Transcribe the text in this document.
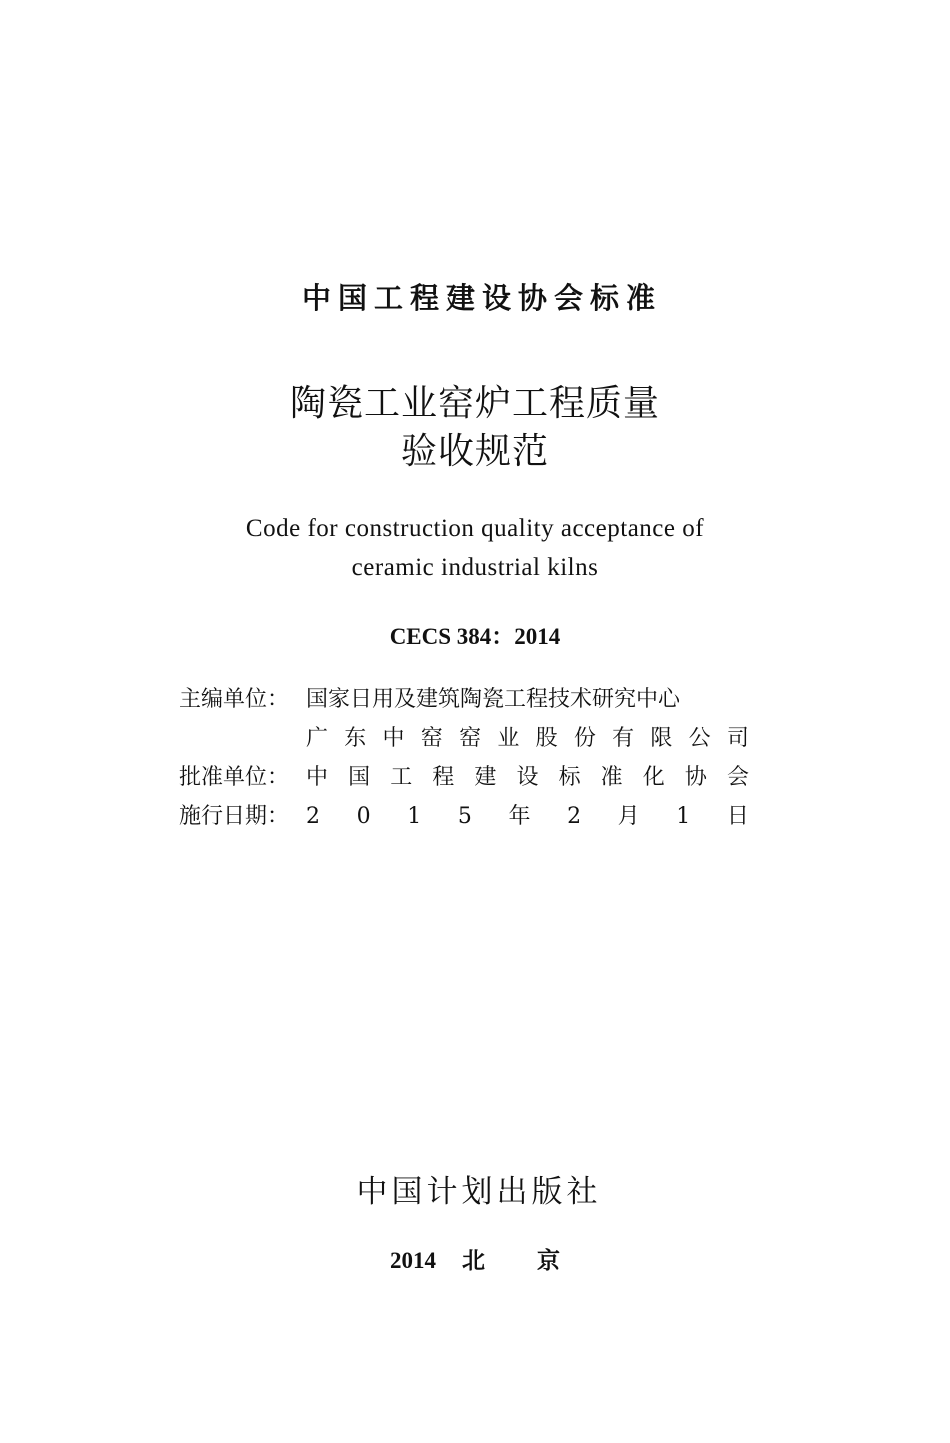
中国工程建设协会标准
陶瓷工业窑炉工程质量
验收规范
Code for construction quality acceptance of
ceramic industrial kilns
CECS 384：2014
主编单位： 国家日用及建筑陶瓷工程技术研究中心
广 东 中 窑 窑 业 股 份 有 限 公 司
批准单位： 中 国 工 程 建 设 标 准 化 协 会
施行日期： 2 0 1 5 年 2 月 1 日
中国计划出版社
2014 北 京
